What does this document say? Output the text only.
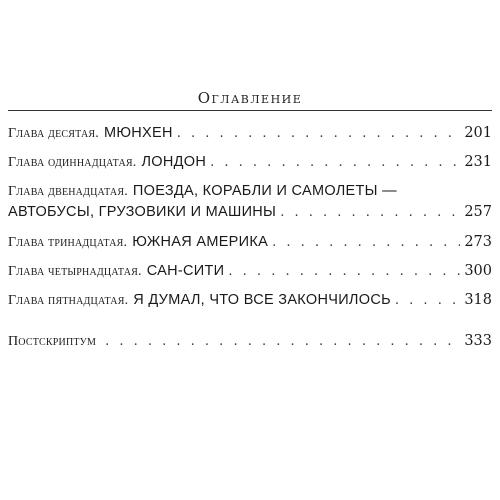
Оглавление
Глава десятая. МЮНХЕН . . .	201
Глава одиннадцатая. ЛОНДОН . . .	231
Глава двенадцатая. ПОЕЗДА, КОРАБЛИ И САМОЛЕТЫ —
АВТОБУСЫ, ГРУЗОВИКИ И МАШИНЫ . . .	257
Глава тринадцатая. ЮЖНАЯ АМЕРИКА . . .	273
Глава четырнадцатая. САН-СИТИ . . .	300
Глава пятнадцатая. Я ДУМАЛ, ЧТО ВСЕ ЗАКОНЧИЛОСЬ . . .	318
Постскриптум . . .	333
